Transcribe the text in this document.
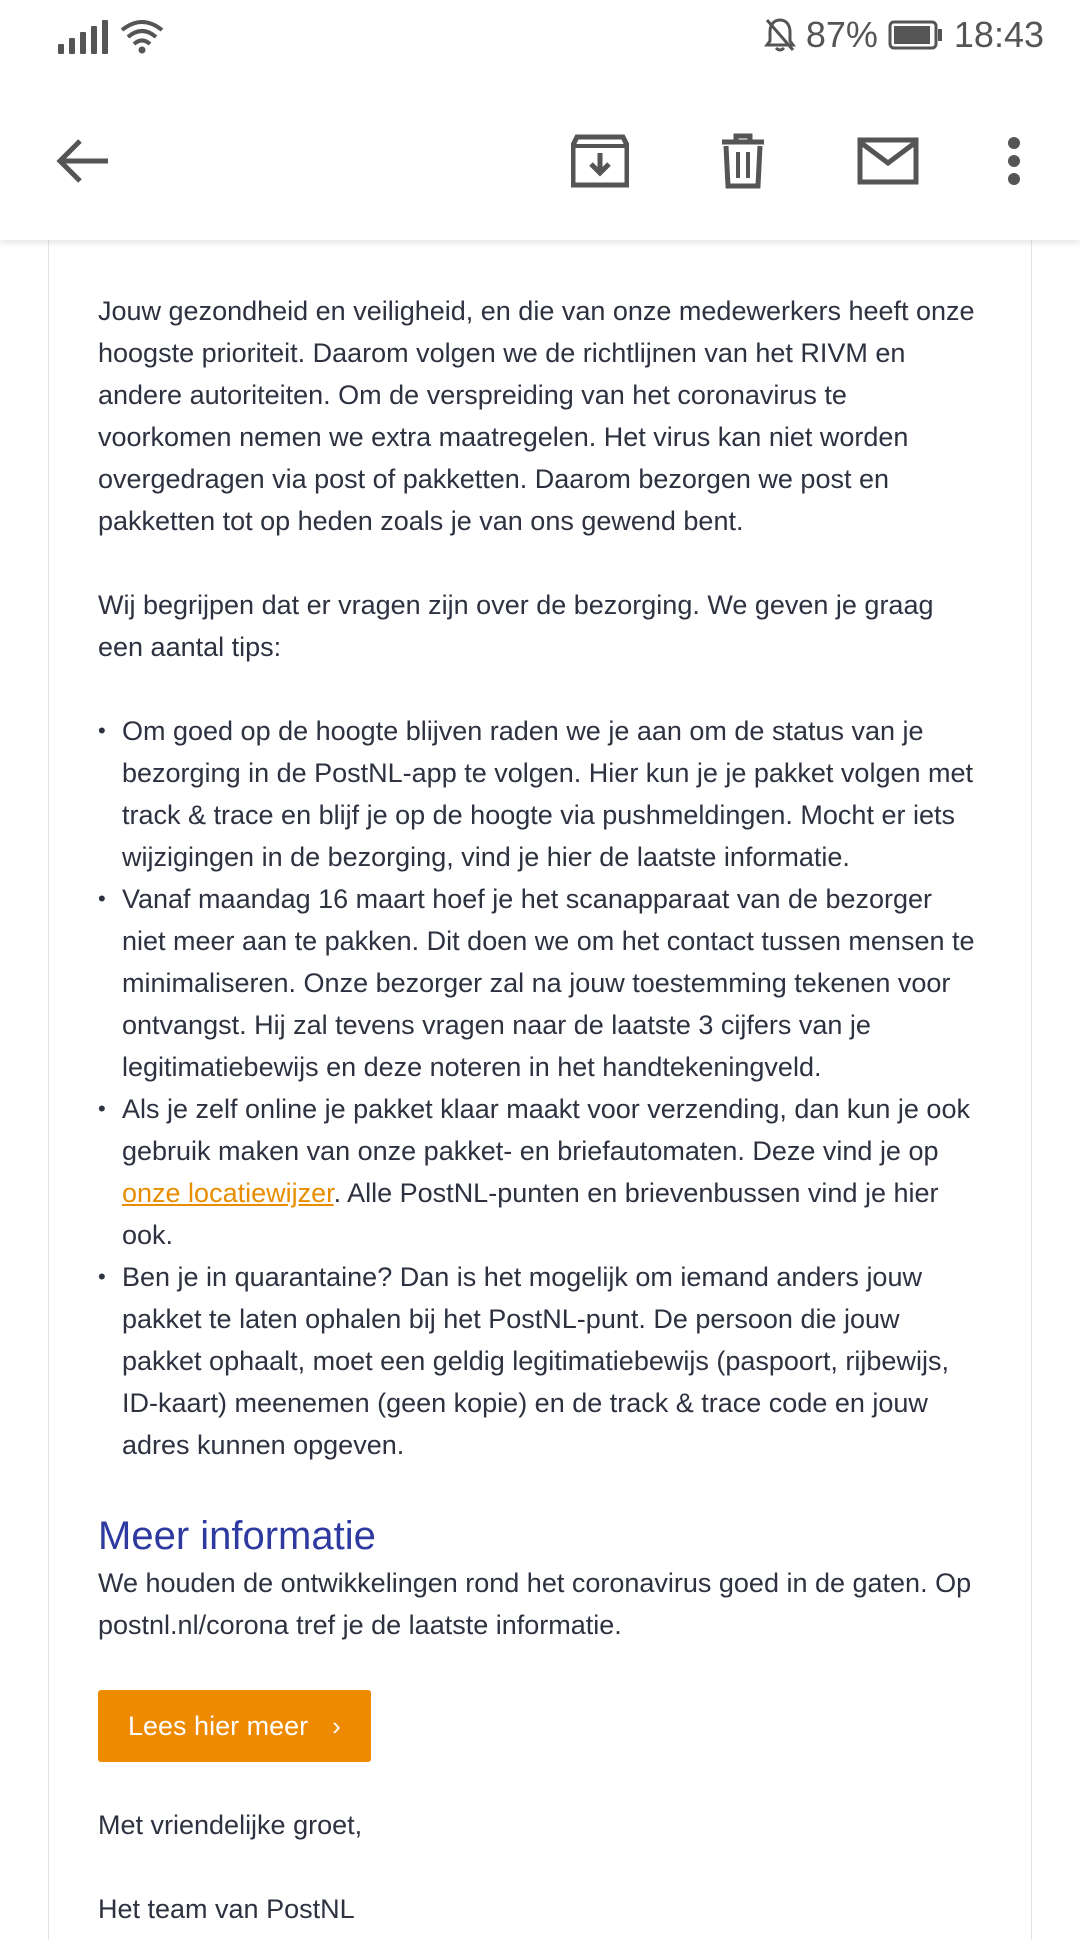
87% 18:43

Jouw gezondheid en veiligheid, en die van onze medewerkers heeft onze hoogste prioriteit. Daarom volgen we de richtlijnen van het RIVM en andere autoriteiten. Om de verspreiding van het coronavirus te voorkomen nemen we extra maatregelen. Het virus kan niet worden overgedragen via post of pakketten. Daarom bezorgen we post en pakketten tot op heden zoals je van ons gewend bent.

Wij begrijpen dat er vragen zijn over de bezorging. We geven je graag een aantal tips:

• Om goed op de hoogte blijven raden we je aan om de status van je bezorging in de PostNL-app te volgen. Hier kun je je pakket volgen met track & trace en blijf je op de hoogte via pushmeldingen. Mocht er iets wijzigingen in de bezorging, vind je hier de laatste informatie.
• Vanaf maandag 16 maart hoef je het scanapparaat van de bezorger niet meer aan te pakken. Dit doen we om het contact tussen mensen te minimaliseren. Onze bezorger zal na jouw toestemming tekenen voor ontvangst. Hij zal tevens vragen naar de laatste 3 cijfers van je legitimatiebewijs en deze noteren in het handtekeningveld.
• Als je zelf online je pakket klaar maakt voor verzending, dan kun je ook gebruik maken van onze pakket- en briefautomaten. Deze vind je op onze locatiewijzer. Alle PostNL-punten en brievenbussen vind je hier ook.
• Ben je in quarantaine? Dan is het mogelijk om iemand anders jouw pakket te laten ophalen bij het PostNL-punt. De persoon die jouw pakket ophaalt, moet een geldig legitimatiebewijs (paspoort, rijbewijs, ID-kaart) meenemen (geen kopie) en de track & trace code en jouw adres kunnen opgeven.
Meer informatie

We houden de ontwikkelingen rond het coronavirus goed in de gaten. Op postnl.nl/corona tref je de laatste informatie.

Lees hier meer ›

Met vriendelijke groet,

Het team van PostNL
